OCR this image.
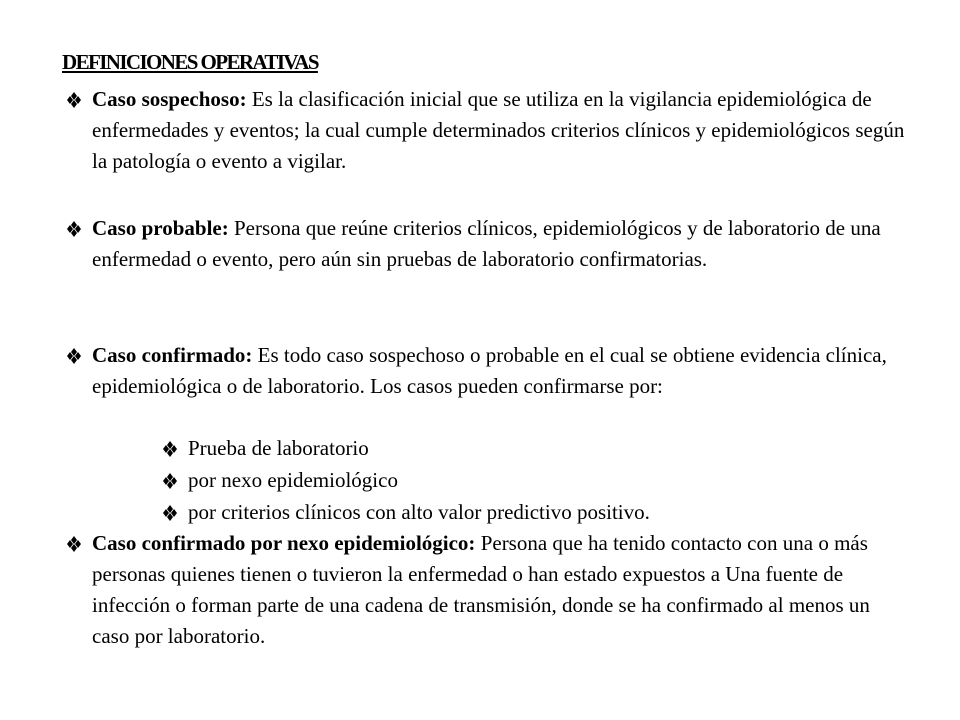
DEFINICIONES OPERATIVAS
Caso sospechoso: Es la clasificación inicial que se utiliza en la vigilancia epidemiológica de enfermedades y eventos; la cual cumple determinados criterios clínicos y epidemiológicos según la patología o evento a vigilar.
Caso probable: Persona que reúne criterios clínicos, epidemiológicos y de laboratorio de una enfermedad o evento, pero aún sin pruebas de laboratorio confirmatorias.
Caso confirmado: Es todo caso sospechoso o probable en el cual se obtiene evidencia clínica, epidemiológica o de laboratorio. Los casos pueden confirmarse por:
Prueba de laboratorio
por nexo epidemiológico
por criterios clínicos con alto valor predictivo positivo.
Caso confirmado por nexo epidemiológico: Persona que ha tenido contacto con una o más personas quienes tienen o tuvieron la enfermedad o han estado expuestos a Una fuente de infección o forman parte de una cadena de transmisión, donde se ha confirmado al menos un caso por laboratorio.
